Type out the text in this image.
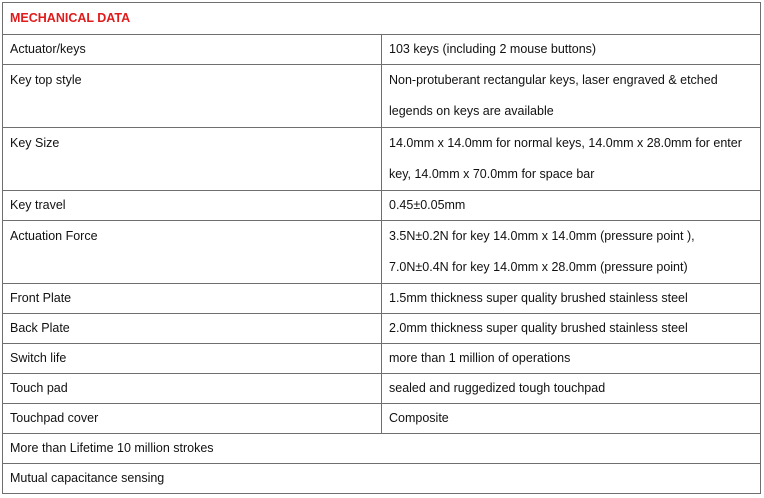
MECHANICAL DATA	
Actuator/keys	103 keys (including 2 mouse buttons)
Key top style	Non-protuberant rectangular keys, laser engraved & etched legends on keys are available
Key Size	14.0mm x 14.0mm for normal keys, 14.0mm x 28.0mm for enter key, 14.0mm x 70.0mm for space bar
Key travel	0.45±0.05mm
Actuation Force	3.5N±0.2N for key 14.0mm x 14.0mm (pressure point ), 7.0N±0.4N for key 14.0mm x 28.0mm (pressure point)
Front Plate	1.5mm thickness super quality brushed stainless steel
Back Plate	2.0mm thickness super quality brushed stainless steel
Switch life	more than 1 million of operations
Touch pad	sealed and ruggedized tough touchpad
Touchpad cover	Composite
More than Lifetime 10 million strokes	
Mutual capacitance sensing	
